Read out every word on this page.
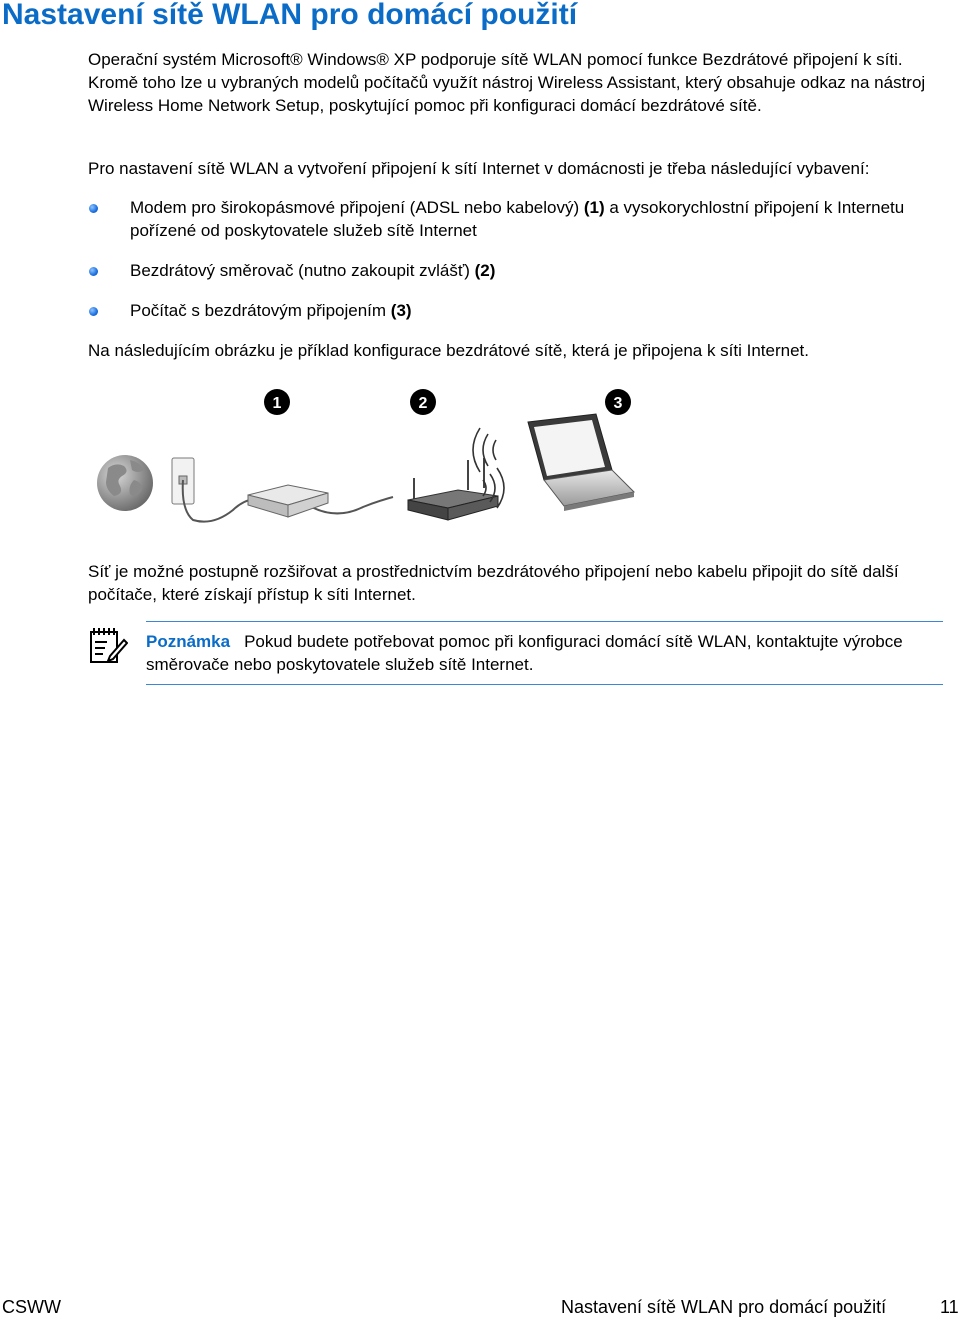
Nastavení sítě WLAN pro domácí použití

Operační systém Microsoft® Windows® XP podporuje sítě WLAN pomocí funkce Bezdrátové připojení k síti. Kromě toho lze u vybraných modelů počítačů využít nástroj Wireless Assistant, který obsahuje odkaz na nástroj Wireless Home Network Setup, poskytující pomoc při konfiguraci domácí bezdrátové sítě.

Pro nastavení sítě WLAN a vytvoření připojení k sítí Internet v domácnosti je třeba následující vybavení:

Modem pro širokopásmové připojení (ADSL nebo kabelový) (1) a vysokorychlostní připojení k Internetu pořízené od poskytovatele služeb sítě Internet
Bezdrátový směrovač (nutno zakoupit zvlášť) (2)
Počítač s bezdrátovým připojením (3)

Na následujícím obrázku je příklad konfigurace bezdrátové sítě, která je připojena k síti Internet.

1	2	3

Síť je možné postupně rozšiřovat a prostřednictvím bezdrátového připojení nebo kabelu připojit do sítě další počítače, které získají přístup k síti Internet.

Poznámka Pokud budete potřebovat pomoc při konfiguraci domácí sítě WLAN, kontaktujte výrobce směrovače nebo poskytovatele služeb sítě Internet.
CSWW	Nastavení sítě WLAN pro domácí použití	11
